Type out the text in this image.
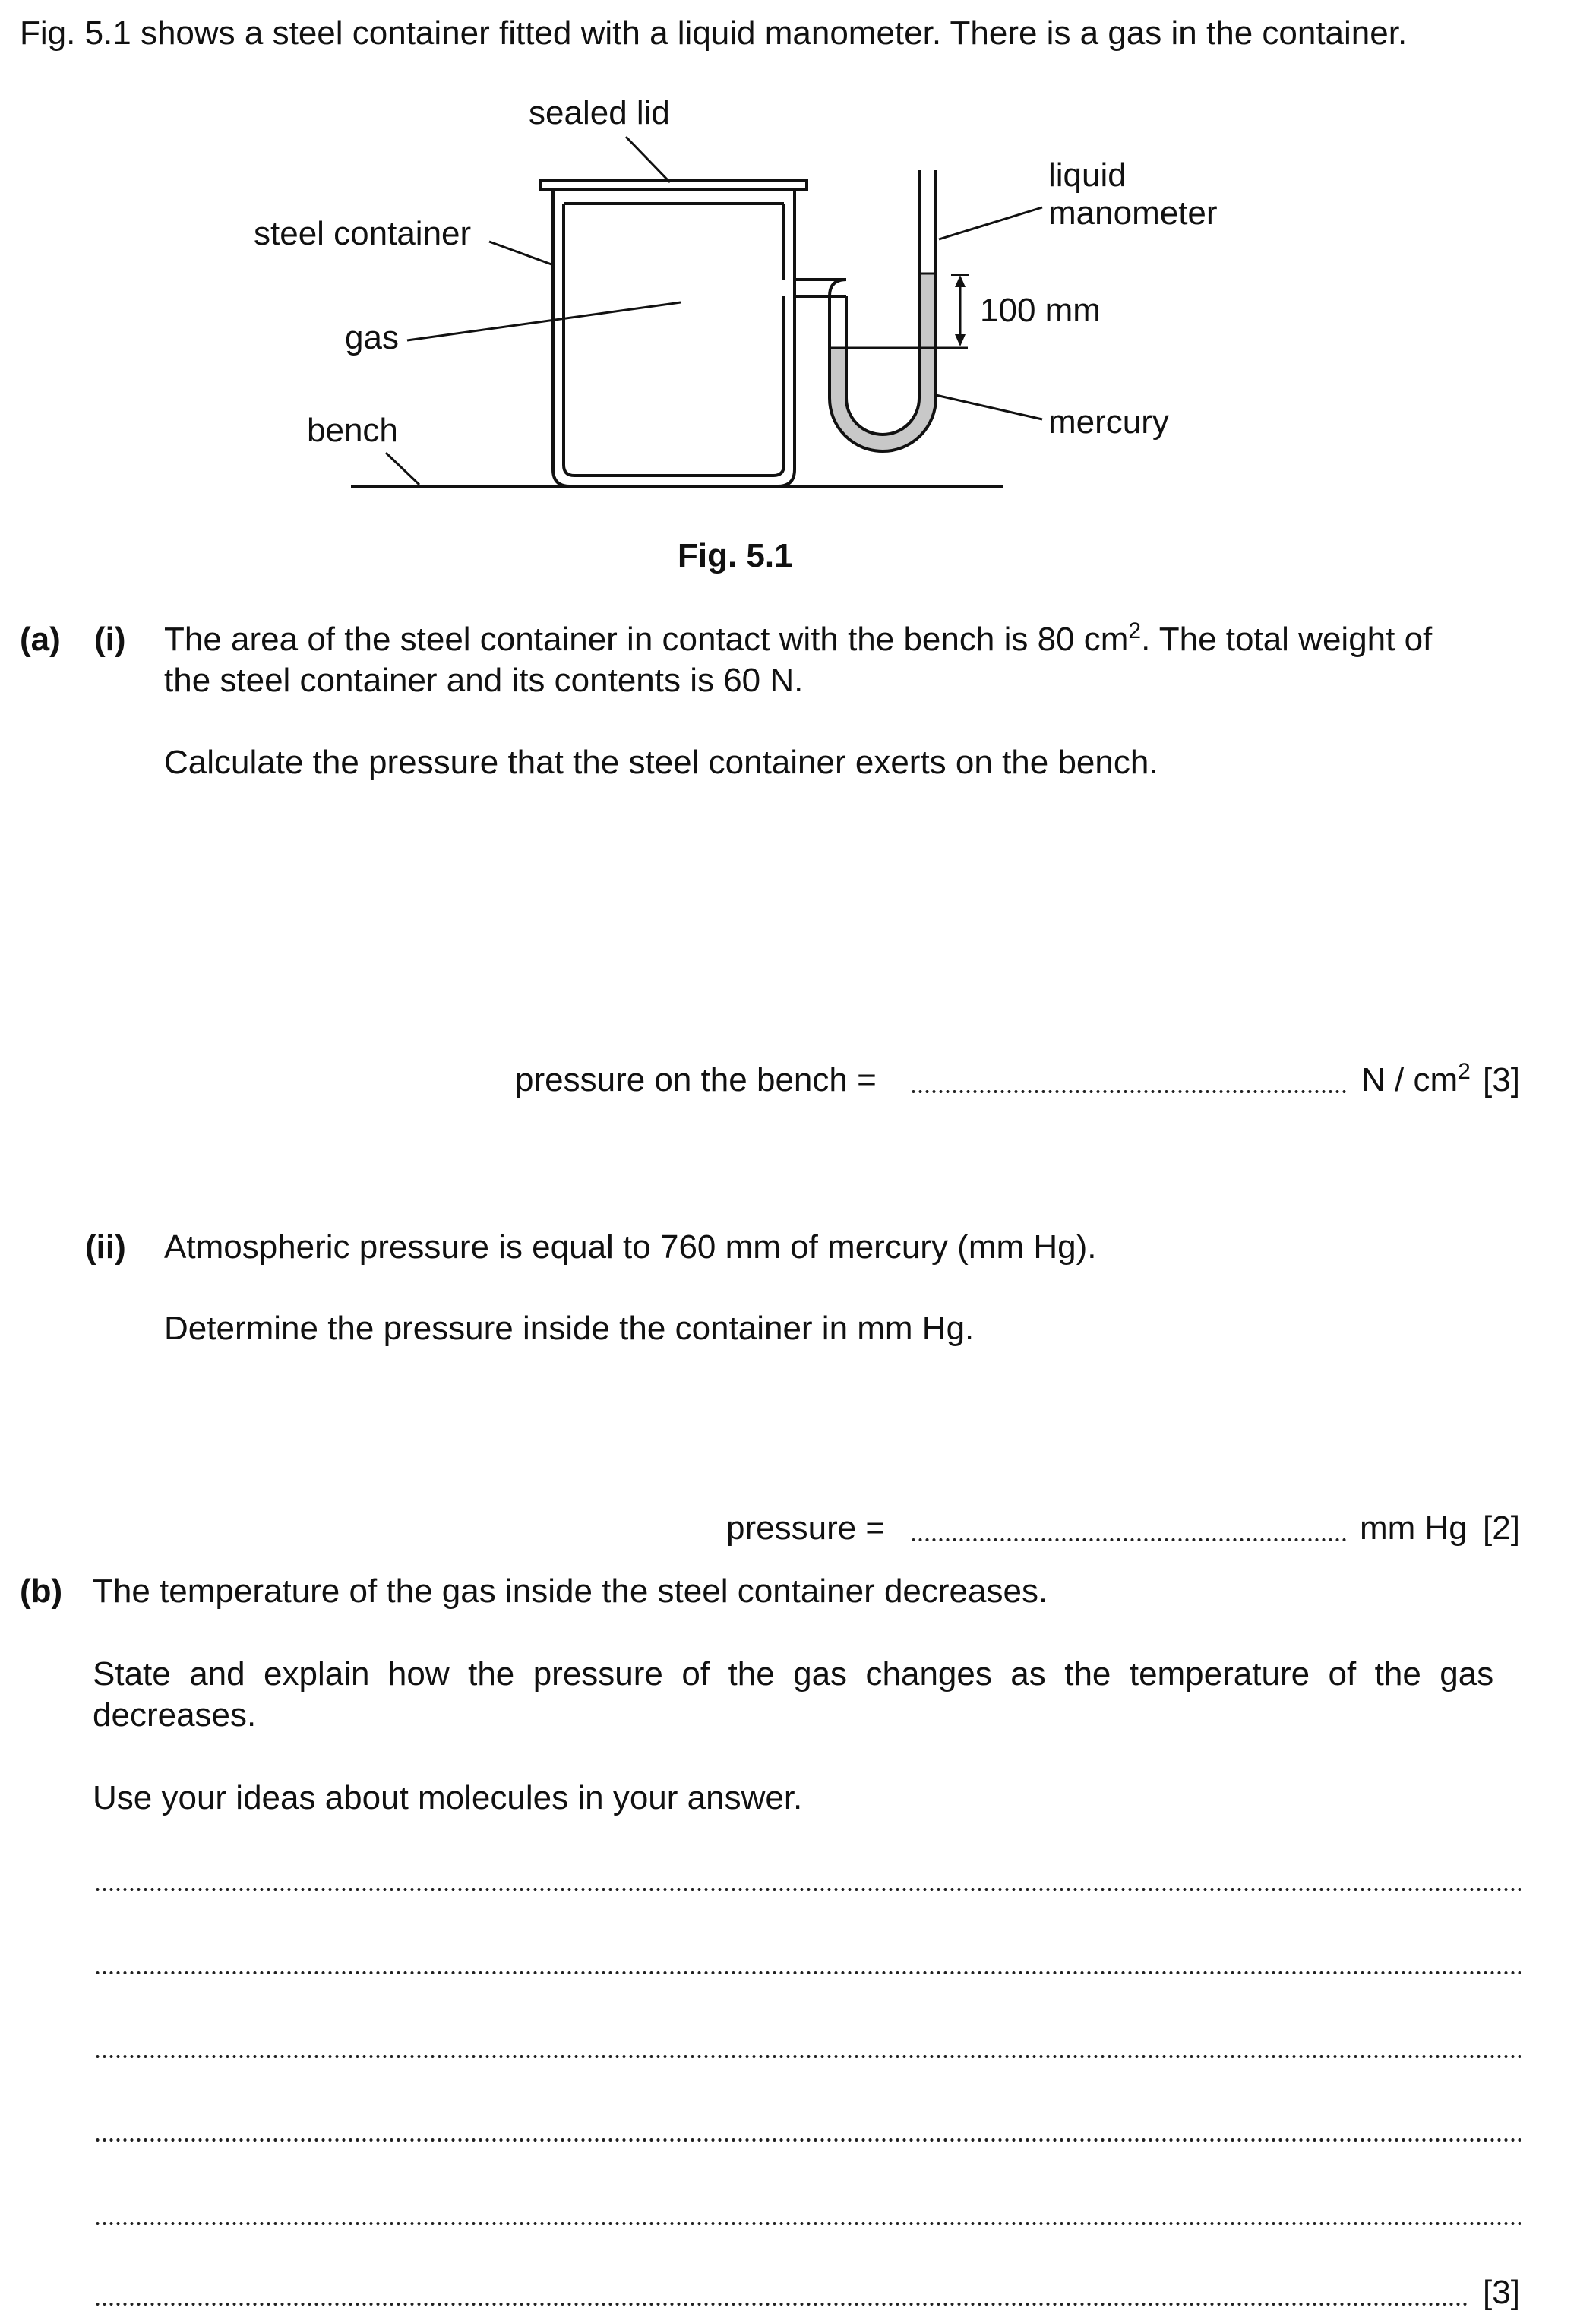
Fig. 5.1 shows a steel container fitted with a liquid manometer. There is a gas in the container.
sealed lid
liquid
manometer
steel container
100 mm
gas
bench	mercury
Fig. 5.1
(a) (i) The area of the steel container in contact with the bench is 80 $cm^2$. The total weight of
the steel container and its contents is 60 N.
Calculate the pressure that the steel container exerts on the bench.
pressure on the bench =	N / $cm^2$ [3]
(ii) Atmospheric pressure is equal to 760 mm of mercury (mm Hg).
Determine the pressure inside the container in mm Hg.
pressure =	mm Hg [2]
(b) The temperature of the gas inside the steel container decreases.
State  and  explain  how  the  pressure  of  the  gas  changes  as  the  temperature  of  the  gas
decreases.
Use your ideas about molecules in your answer.
[3]
